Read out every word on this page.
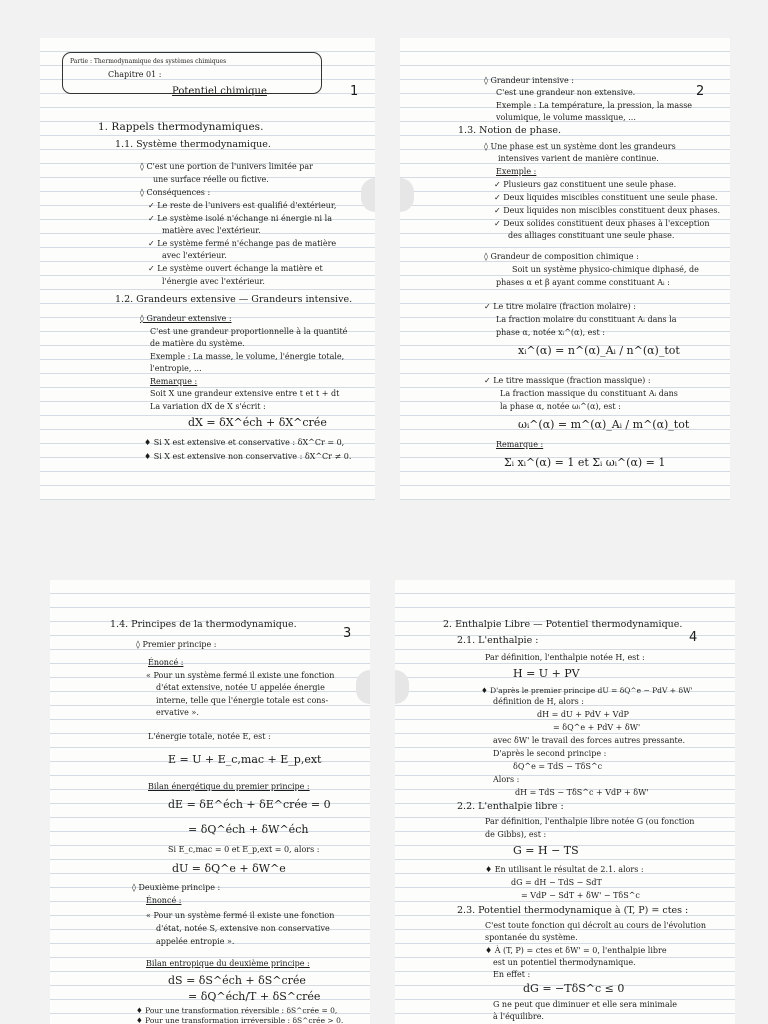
Partie : Thermodynamique des systèmes chimiques
Chapitre 01 :
Potentiel chimique	1
1. Rappels thermodynamiques.
1.1. Système thermodynamique.
◊ C'est une portion de l'univers limitée par
une surface réelle ou fictive.
◊ Conséquences :
✓ Le reste de l'univers est qualifié d'extérieur,
✓ Le système isolé n'échange ni énergie ni la
matière avec l'extérieur.
✓ Le système fermé n'échange pas de matière
avec l'extérieur.
✓ Le système ouvert échange la matière et
l'énergie avec l'extérieur.
1.2. Grandeurs extensive — Grandeurs intensive.
◊ Grandeur extensive :
C'est une grandeur proportionnelle à la quantité
de matière du système.
Exemple : La masse, le volume, l'énergie totale,
l'entropie, ...
Remarque :
Soit X une grandeur extensive entre t et t + dt
La variation dX de X s'écrit :
dX = δX^éch + δX^crée
♦ Si X est extensive et conservative : δX^Cr = 0,
♦ Si X est extensive non conservative : δX^Cr ≠ 0.
2
◊ Grandeur intensive :
C'est une grandeur non extensive.
Exemple : La température, la pression, la masse
volumique, le volume massique, ...
1.3. Notion de phase.
◊ Une phase est un système dont les grandeurs
intensives varient de manière continue.
Exemple :
✓ Plusieurs gaz constituent une seule phase.
✓ Deux liquides miscibles constituent une seule phase.
✓ Deux liquides non miscibles constituent deux phases.
✓ Deux solides constituent deux phases à l'exception
des alliages constituant une seule phase.
◊ Grandeur de composition chimique :
Soit un système physico-chimique diphasé, de
phases α et β ayant comme constituant Aᵢ :
✓ Le titre molaire (fraction molaire) :
La fraction molaire du constituant Aᵢ dans la
phase α, notée xᵢ^(α), est :
xᵢ^(α) = n^(α)_Aᵢ / n^(α)_tot
✓ Le titre massique (fraction massique) :
La fraction massique du constituant Aᵢ dans
la phase α, notée ωᵢ^(α), est :
ωᵢ^(α) = m^(α)_Aᵢ / m^(α)_tot
Remarque :
Σᵢ xᵢ^(α) = 1 et Σᵢ ωᵢ^(α) = 1
3
1.4. Principes de la thermodynamique.
◊ Premier principe :
Énoncé :
« Pour un système fermé il existe une fonction
d'état extensive, notée U appelée énergie
interne, telle que l'énergie totale est cons-
ervative ».
L'énergie totale, notée E, est :
E = U + E_c,mac + E_p,ext
Bilan énergétique du premier principe :
dE = δE^éch + δE^crée = 0
= δQ^éch + δW^éch
Si E_c,mac = 0 et E_p,ext = 0, alors :
dU = δQ^e + δW^e
◊ Deuxième principe :
Énoncé :
« Pour un système fermé il existe une fonction
d'état, notée S, extensive non conservative
appelée entropie ».
Bilan entropique du deuxième principe :
dS = δS^éch + δS^crée
= δQ^éch/T + δS^crée
♦ Pour une transformation réversible : δS^crée = 0,
♦ Pour une transformation irréversible : δS^crée > 0.
4
2. Enthalpie Libre — Potentiel thermodynamique.
2.1. L'enthalpie :
Par définition, l'enthalpie notée H, est :
H = U + PV
♦ D'après le premier principe dU = δQ^e − PdV + δW'
définition de H, alors :
dH = dU + PdV + VdP
= δQ^e + PdV + δW'
avec δW' le travail des forces autres pressante.
D'après le second principe :
δQ^e = TdS − TδS^c
Alors :
dH = TdS − TδS^c + VdP + δW'
2.2. L'enthalpie libre :
Par définition, l'enthalpie libre notée G (ou fonction
de Gibbs), est :
G = H − TS
♦ En utilisant le résultat de 2.1. alors :
dG = dH − TdS − SdT
= VdP − SdT + δW' − TδS^c
2.3. Potentiel thermodynamique à (T, P) = ctes :
C'est toute fonction qui décroît au cours de l'évolution
spontanée du système.
♦ À (T, P) = ctes et δW' = 0, l'enthalpie libre
est un potentiel thermodynamique.
En effet :
dG = −TδS^c ≤ 0
G ne peut que diminuer et elle sera minimale
à l'équilibre.
